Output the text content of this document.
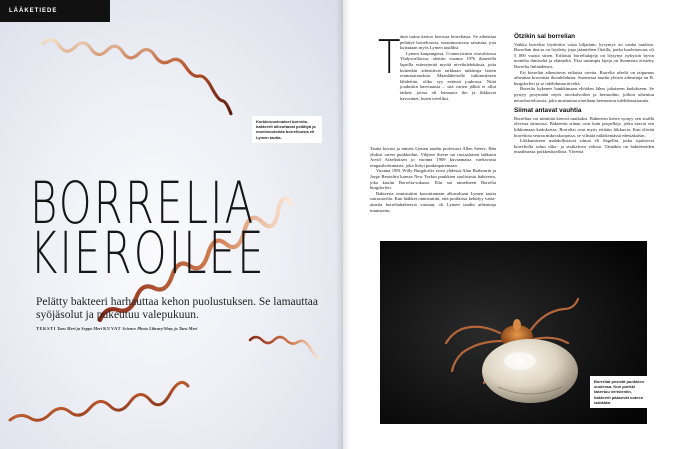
LÄÄKETIEDE
Korkkiruuvimaiset borrelia-bakteerit aiheuttavat pelättyä ja monimuotoista borrelioosia eli Lymen tautia.
BORRELIA
KIEROILEE
Pelätty bakteeri harhauttaa kehon puolustuksen. Se lamauttaa syöjäsolut ja pukeutuu valepukuun.
TEKSTI Taru Meri ja Seppo Meri KUVAT Science Photo Library/Shuy ja Taru Meri
T ämä tarina kertoo kierosta borreliasta. Se aiheuttaa pelättyä borrelioosia, monimuotoista sairautta, jota kutsutaan myös Lymen taudiksi.

Lymen kaupungissa, Connecticutin osavaltiossa Yhdysvalloissa, alettiin vuonna 1976 ihmetellä lapsilla esiintyneitä myötä niveltulehduksia, joita kuitenkin aiheuttivat tarkkaan tutkittuja lasten reumasairauksia. Maanläheiselle tutkimukseen lähdettiin, oliko syy eräässä joukossa. Niitä jouduttiin harvinaisia – sitä varten jälkiä ei ollut tärkeä, joissa oli leimaava iho ja liikkuvat kasvaimet, kuten niveliksi.

Tautia kuvasi ja nimesi Lymen taudin professori Allen Steere. Hän yhdisti oireet punkkeihin. Vihjeen Steere sai ruotsalaisen lääkärin Arvid Afzeliuksen jo vuonna 1909 kuvaamasta vaeltavasta rengasihottumasta, joka liittyi punkinpuremaan.

Vuonna 1981 Willy Burgdorfer eristi yhdessä Alan Barbourin ja Jorge Benachin kanssa New Yorkin punkkien suolistosta bakteerin, joka kuului Borrelia-sukuun. Elin sai nimekseen Borrelia burgdorferi.

Bakteeria onnistuttiin kasvattamaan alkavaltaan Lymen tautia sairastavilta. Kun lääkkei onnistuttiin, että potilaissa kehittyy vasta-aineita borreliabakteeria vastaan, oli Lymen taudin aiheuttaja tunnistettu.

Ötzikin sai borrelian

Vaikka borreliat löydettiin vasta hiljattain, kysymys on vanha taudista. Borrelian dna:ta on löydetty jopa jäämiehen Ötzillä, jonka kuolettavuus oli 5 000 vuotta sitten. Eriläisiä borrelialajeja on löytynyt nykyisin hyvin monelta ihmiseltä ja eläimeltä. Yksi uusimpia lajeja on Suomesta eristetty Borrelia finlandensis.

Eri borreliat aiheuttavat erilaisia oireita. Borrelia afzelii on taipumus aiheuttaa kroonista ihotulehdusta. Suomessa taudin yleisin aiheuttaja on B. burgdorferi ja se tulehduttaa niveliä.

Borrelia kykenee hankkimaan eliöiden lähes jokaiseen kudokseen. Se pystyy pysymään myös aivokalvoihin ja hermoihin, jolloin aiheutuu neuroborrelioosia, joka muistuttaa oireiltaan hermoston tulehdussairautta.

Siimat antavat vauhtia

Borreliaa voi nimittää kierosi mutkaksi. Bakteerin kierre syntyy sen sisällä olevista siimoista. Bakteerin siimat ovat kuin propelleja, jotka saavat sen liikkumaan kudoksissa. Borreliat ovat myös erittäin liikkuvia. Kun elävää borreliota seuraa mikroskoopissa, se vilistää näkökentässä edestakaisin.

Liikkumiseen mahdollistavat siimat eli flagellat, jotka sijaitsevat borreliolla solun ulko- ja sisäkalvon välissä. Tämäkin on bakteereiden maailmassa poikkeuksellista. Yleensä

Borreliat pesivät punkkien suolessa. Kun punkki takertuu verisieniin, bakteerit pääsevät uuteen isäntään.
